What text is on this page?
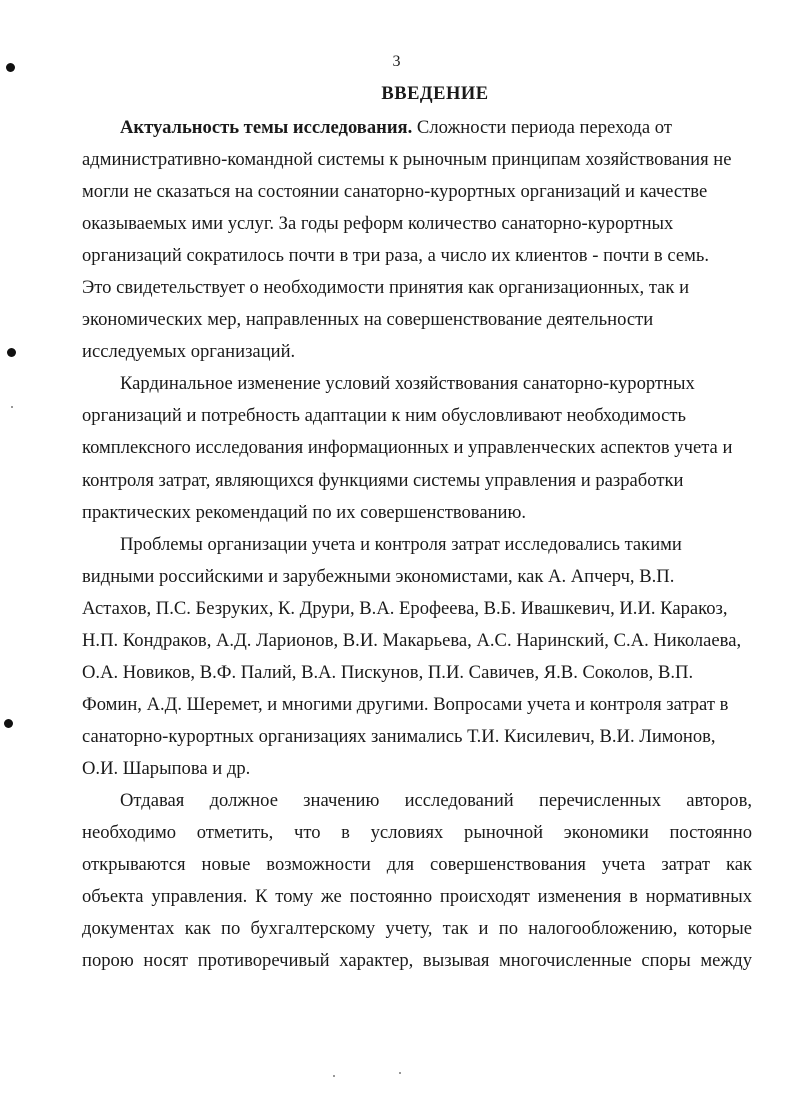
3
ВВЕДЕНИЕ

Актуальность темы исследования. Сложности периода перехода от
административно-командной системы к рыночным принципам хозяйствования не
могли не сказаться на состоянии санаторно-курортных организаций и качестве
оказываемых ими услуг. За годы реформ количество санаторно-курортных
организаций сократилось почти в три раза, а число их клиентов - почти в семь.
Это свидетельствует о необходимости принятия как организационных, так и
экономических мер, направленных на совершенствование деятельности
исследуемых организаций.

Кардинальное изменение условий хозяйствования санаторно-курортных
организаций и потребность адаптации к ним обусловливают необходимость
комплексного исследования информационных и управленческих аспектов учета и
контроля затрат, являющихся функциями системы управления и разработки
практических рекомендаций по их совершенствованию.

Проблемы организации учета и контроля затрат исследовались такими
видными российскими и зарубежными экономистами, как А. Апчерч, В.П.
Астахов, П.С. Безруких, К. Друри, В.А. Ерофеева, В.Б. Ивашкевич, И.И. Каракоз,
Н.П. Кондраков, А.Д. Ларионов, В.И. Макарьева, А.С. Наринский, С.А. Николаева,
О.А. Новиков, В.Ф. Палий, В.А. Пискунов, П.И. Савичев, Я.В. Соколов, В.П.
Фомин, А.Д. Шеремет, и многими другими. Вопросами учета и контроля затрат в
санаторно-курортных организациях занимались Т.И. Кисилевич, В.И. Лимонов,
О.И. Шарыпова и др.

Отдавая должное значению исследований перечисленных авторов,
необходимо отметить, что в условиях рыночной экономики постоянно
открываются новые возможности для совершенствования учета затрат как
объекта управления. К тому же постоянно происходят изменения в нормативных
документах как по бухгалтерскому учету, так и по налогообложению, которые
порою носят противоречивый характер, вызывая многочисленные споры между
